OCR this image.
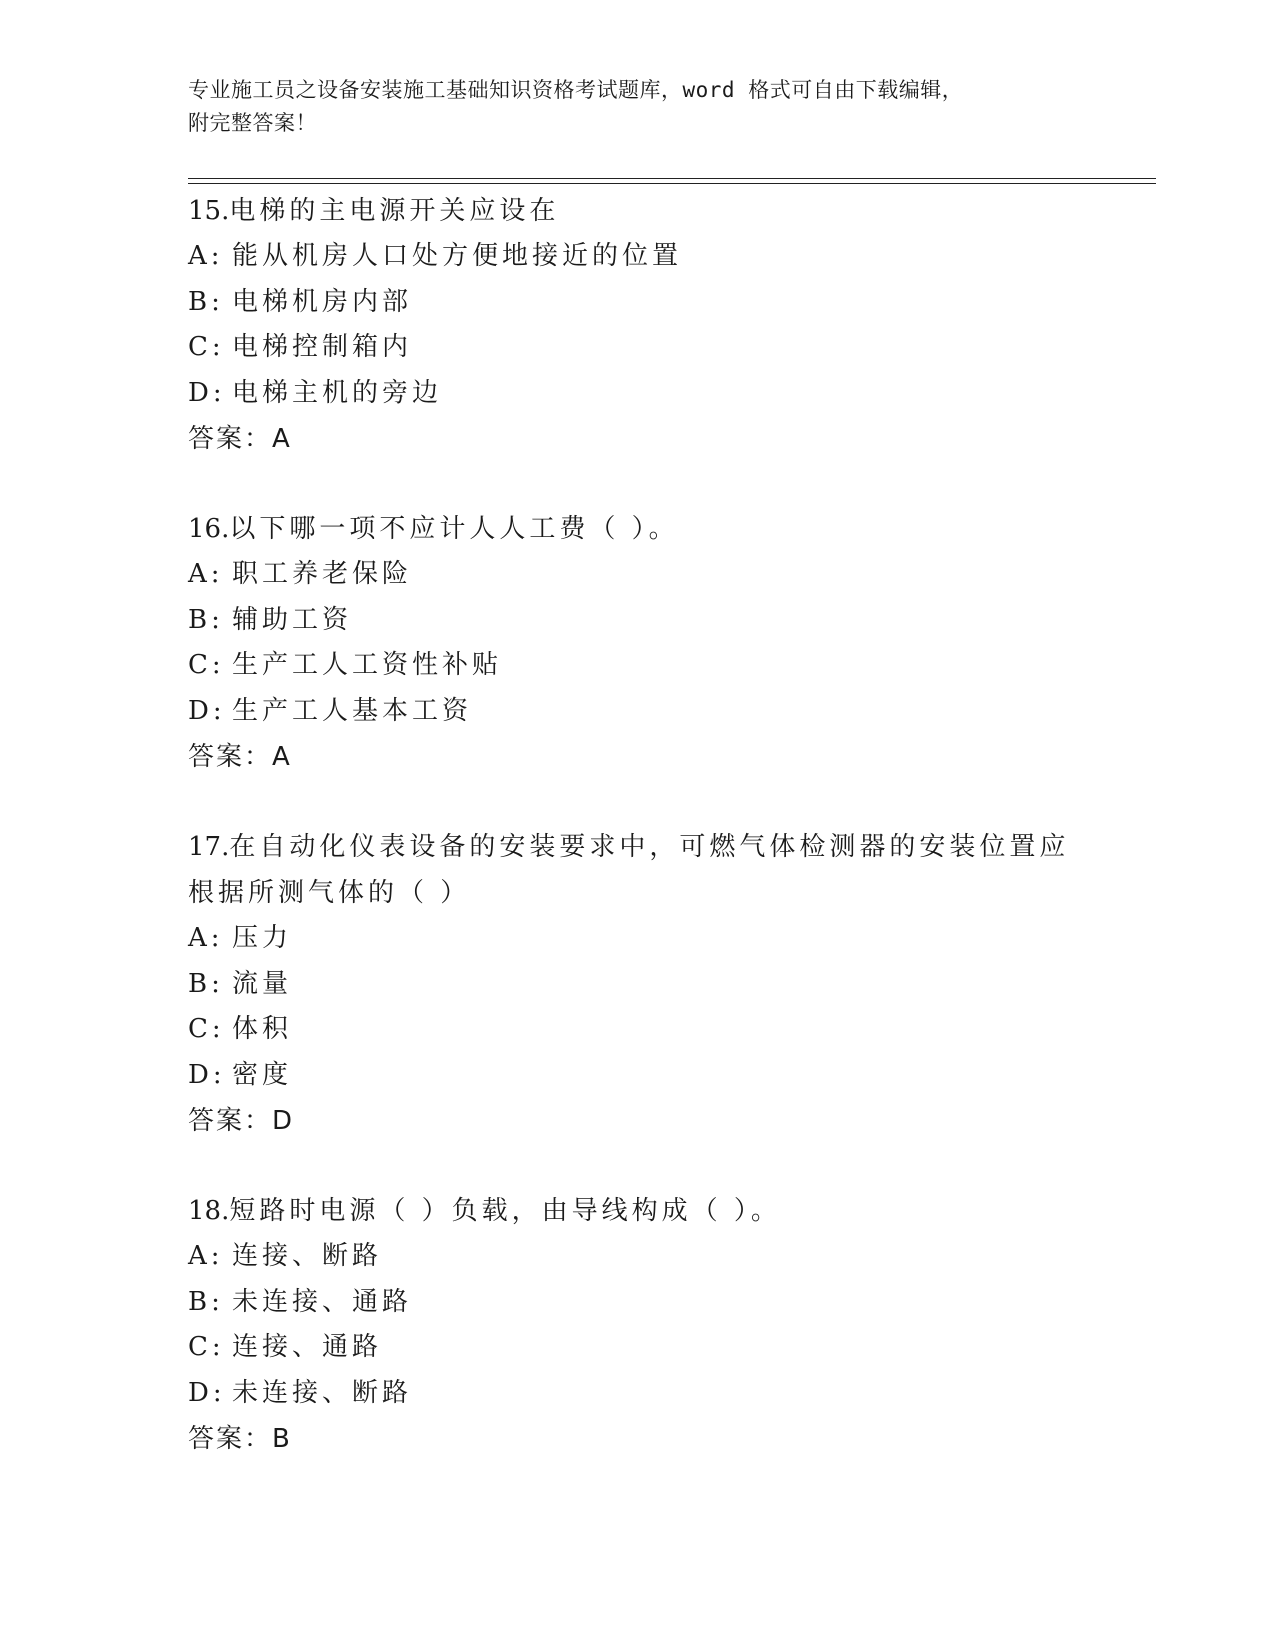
专业施工员之设备安装施工基础知识资格考试题库，word 格式可自由下载编辑，
附完整答案！
15.电梯的主电源开关应设在
A: 能从机房人口处方便地接近的位置
B: 电梯机房内部
C: 电梯控制箱内
D: 电梯主机的旁边
答案：A
16.以下哪一项不应计人人工费（ ）。
A: 职工养老保险
B: 辅助工资
C: 生产工人工资性补贴
D: 生产工人基本工资
答案：A
17.在自动化仪表设备的安装要求中，可燃气体检测器的安装位置应根据所测气体的（ ）
A: 压力
B: 流量
C: 体积
D: 密度
答案：D
18.短路时电源（ ）负载，由导线构成（ ）。
A: 连接、断路
B: 未连接、通路
C: 连接、通路
D: 未连接、断路
答案：B
